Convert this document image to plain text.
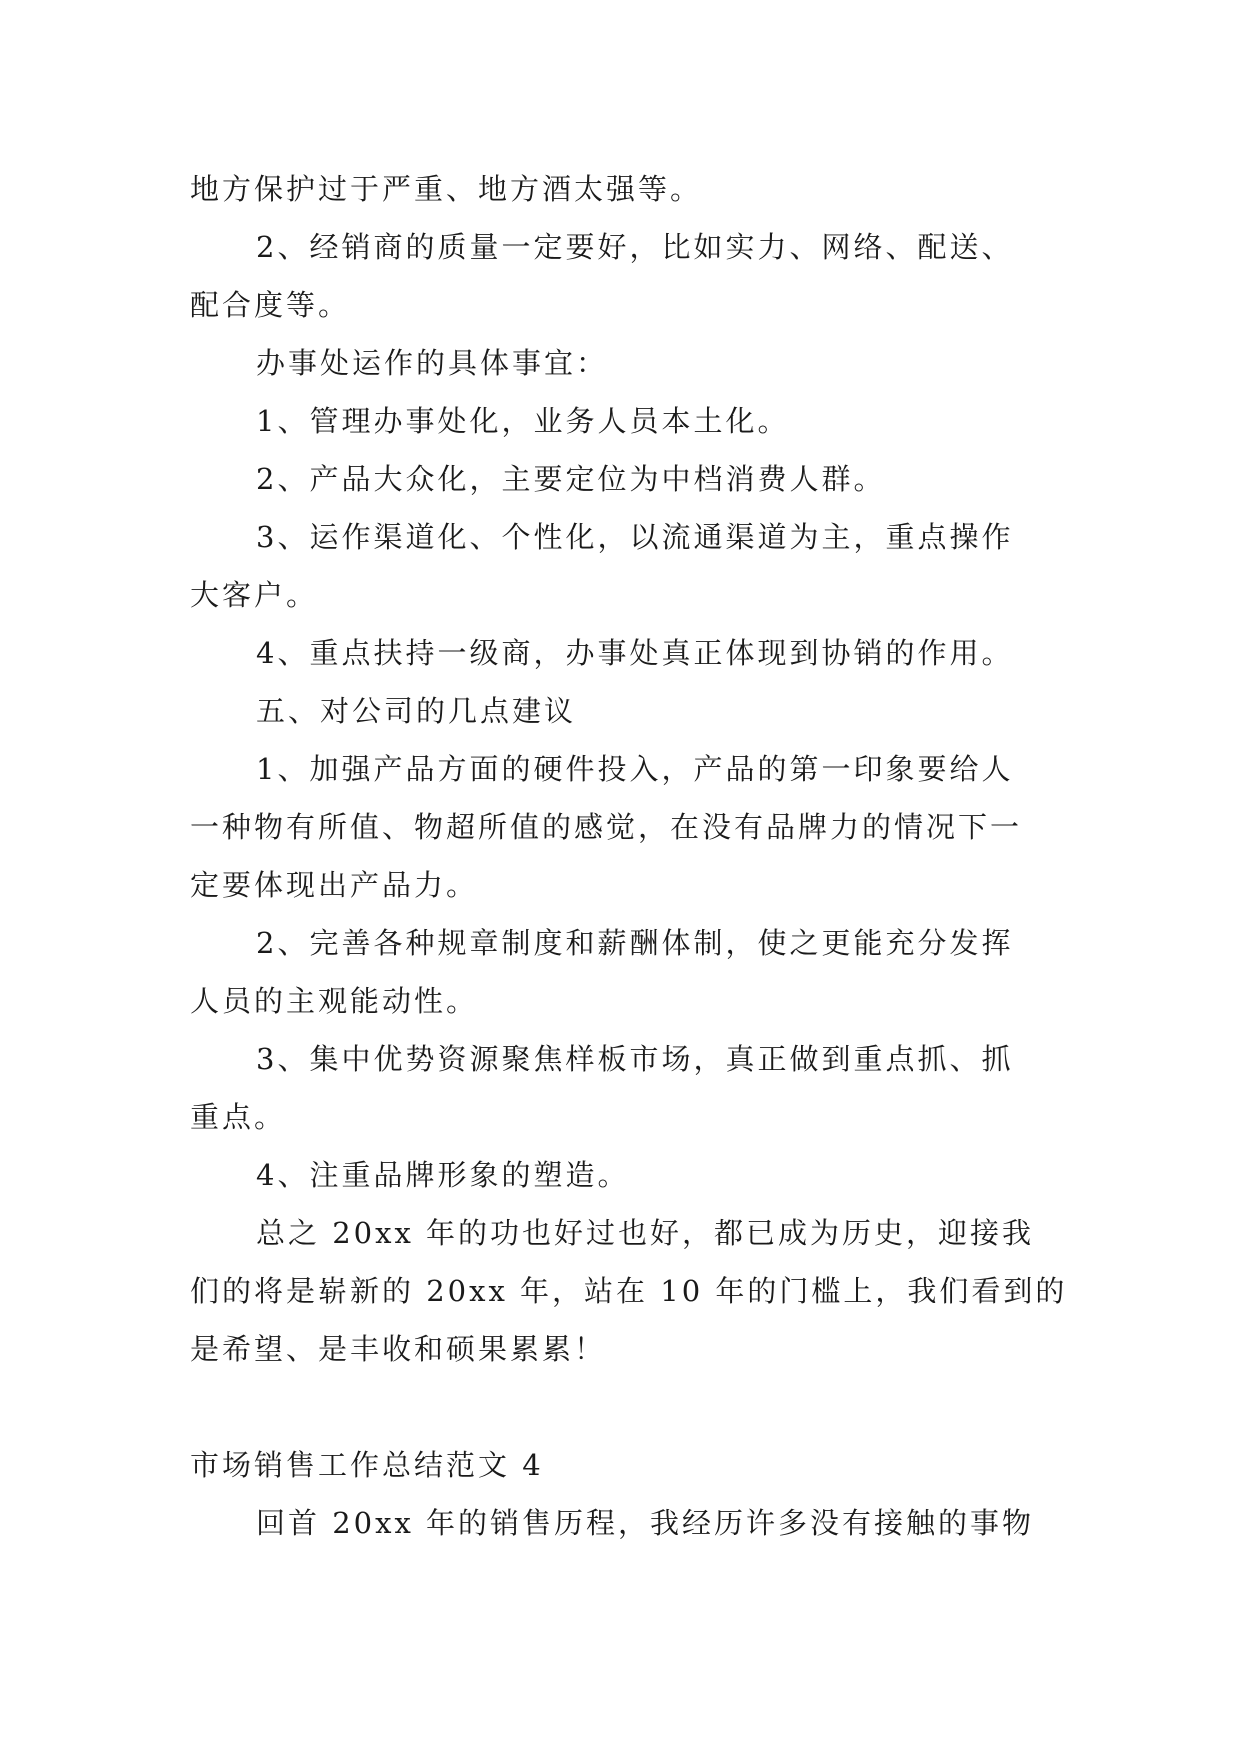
地方保护过于严重、地方酒太强等。
2、经销商的质量一定要好，比如实力、网络、配送、
配合度等。
办事处运作的具体事宜：
1、管理办事处化，业务人员本土化。
2、产品大众化，主要定位为中档消费人群。
3、运作渠道化、个性化，以流通渠道为主，重点操作
大客户。
4、重点扶持一级商，办事处真正体现到协销的作用。
五、对公司的几点建议
1、加强产品方面的硬件投入，产品的第一印象要给人
一种物有所值、物超所值的感觉，在没有品牌力的情况下一
定要体现出产品力。
2、完善各种规章制度和薪酬体制，使之更能充分发挥
人员的主观能动性。
3、集中优势资源聚焦样板市场，真正做到重点抓、抓
重点。
4、注重品牌形象的塑造。
总之 20xx 年的功也好过也好，都已成为历史，迎接我
们的将是崭新的 20xx 年，站在 10 年的门槛上，我们看到的
是希望、是丰收和硕果累累！
市场销售工作总结范文 4
回首 20xx 年的销售历程，我经历许多没有接触的事物
